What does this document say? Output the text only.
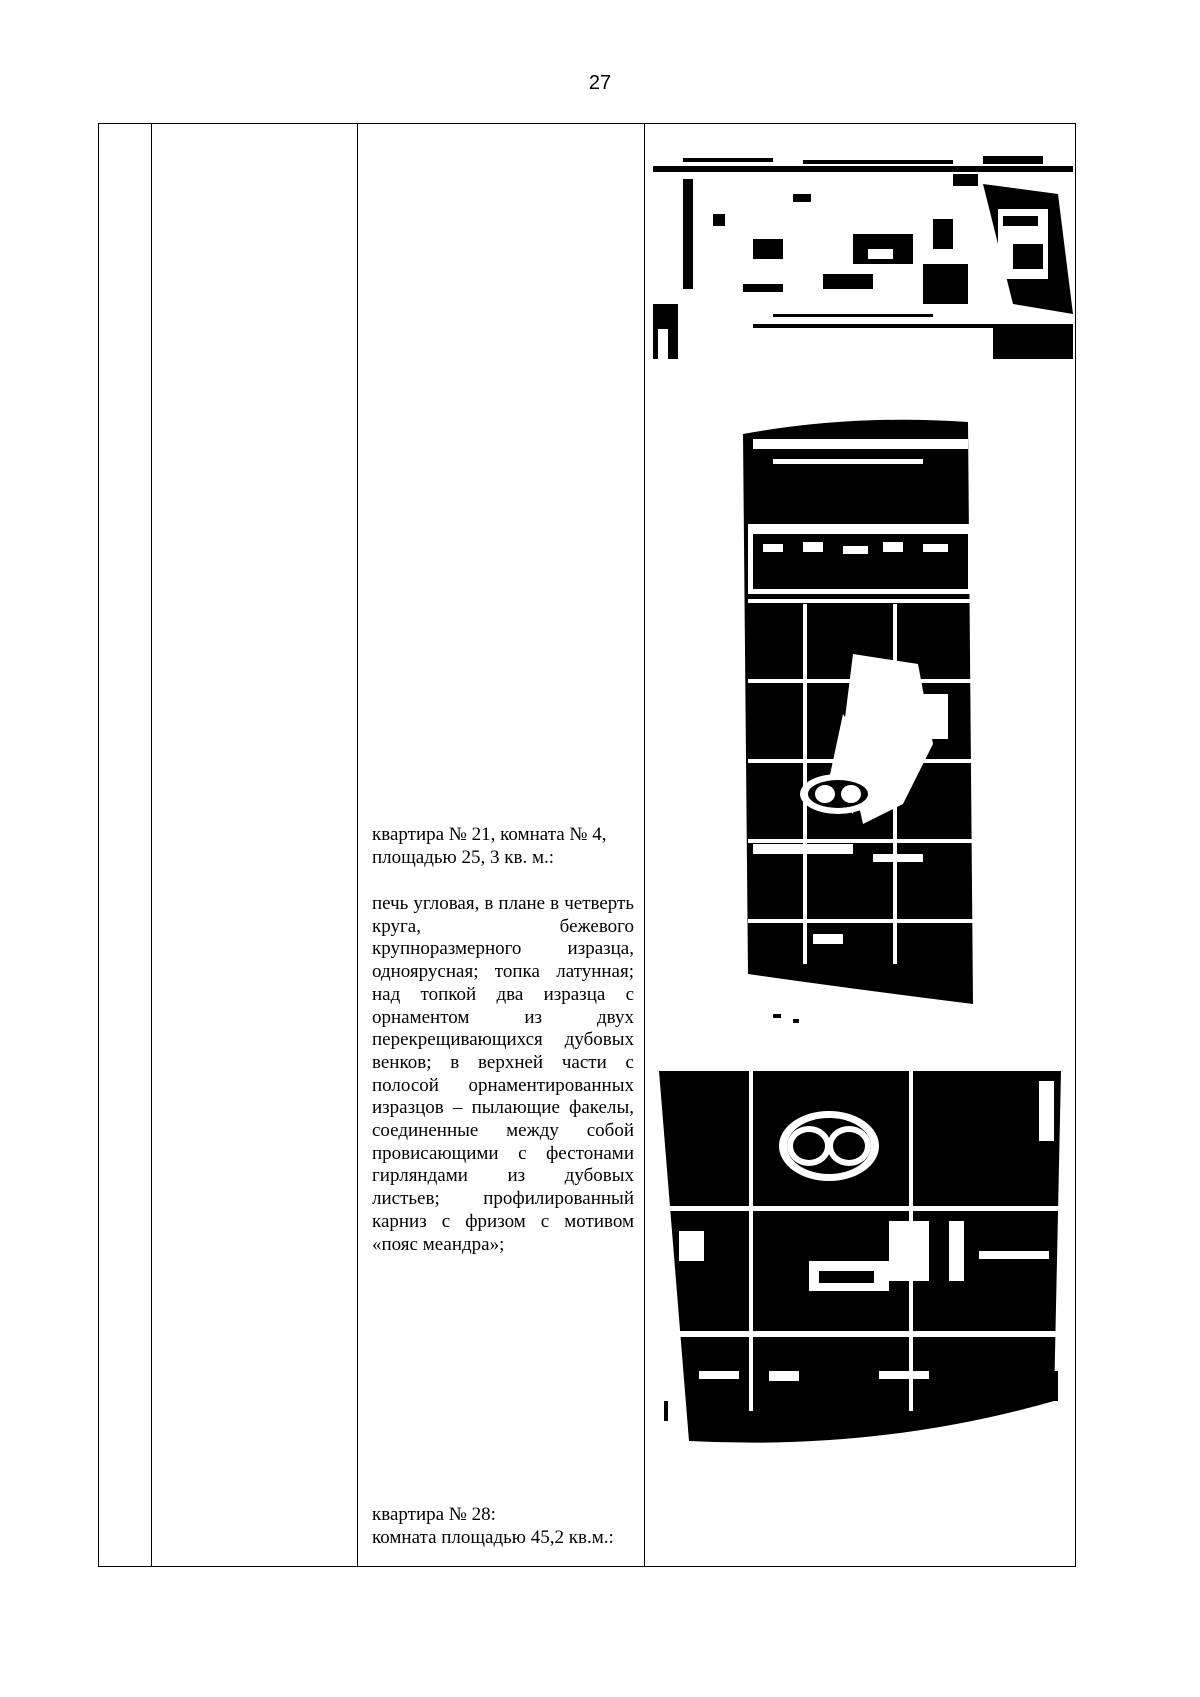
27

квартира № 21, комната № 4, площадью 25, 3 кв. м.:
печь угловая, в плане в четверть круга, бежевого крупноразмерного изразца, одноярусная; топка латунная; над топкой два изразца с орнаментом из двух перекрещивающихся дубовых венков; в верхней части с полосой орнаментированных изразцов – пылающие факелы, соединенные между собой провисающими с фестонами гирляндами из дубовых листьев; профилированный карниз с фризом с мотивом «пояс меандра»;
квартира № 28:
комната площадью 45,2 кв.м.:
